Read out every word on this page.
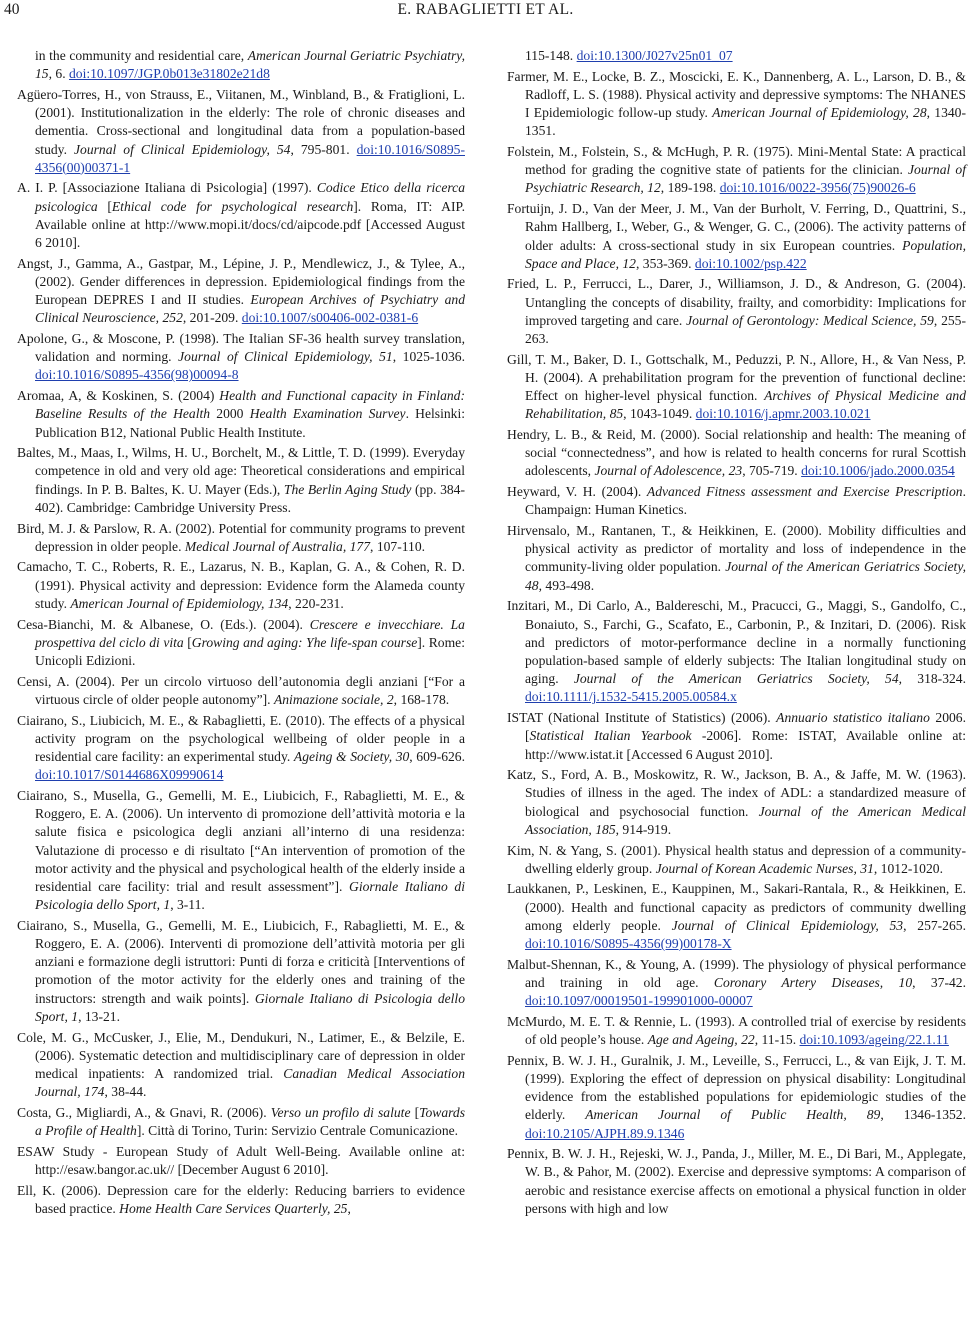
40	E. RABAGLIETTI ET AL.

in the community and residential care, American Journal Geriatric Psychiatry, 15, 6. doi:10.1097/JGP.0b013e31802e21d8

Agüero-Torres, H., von Strauss, E., Viitanen, M., Winbland, B., & Fratiglioni, L. (2001). Institutionalization in the elderly: The role of chronic diseases and dementia. Cross-sectional and longitudinal data from a population-based study. Journal of Clinical Epidemiology, 54, 795-801. doi:10.1016/S0895-4356(00)00371-1

A. I. P. [Associazione Italiana di Psicologia] (1997). Codice Etico della ricerca psicologica [Ethical code for psychological research]. Roma, IT: AIP. Available online at http://www.mopi.it/docs/cd/aipcode.pdf [Accessed August 6 2010].

Angst, J., Gamma, A., Gastpar, M., Lépine, J. P., Mendlewicz, J., & Tylee, A., (2002). Gender differences in depression. Epidemiological findings from the European DEPRES I and II studies. European Archives of Psychiatry and Clinical Neuroscience, 252, 201-209. doi:10.1007/s00406-002-0381-6

Apolone, G., & Moscone, P. (1998). The Italian SF-36 health survey translation, validation and norming. Journal of Clinical Epidemiology, 51, 1025-1036. doi:10.1016/S0895-4356(98)00094-8

Aromaa, A, & Koskinen, S. (2004) Health and Functional capacity in Finland: Baseline Results of the Health 2000 Health Examination Survey. Helsinki: Publication B12, National Public Health Institute.

Baltes, M., Maas, I., Wilms, H. U., Borchelt, M., & Little, T. D. (1999). Everyday competence in old and very old age: Theoretical considerations and empirical findings. In P. B. Baltes, K. U. Mayer (Eds.), The Berlin Aging Study (pp. 384-402). Cambridge: Cambridge University Press.

Bird, M. J. & Parslow, R. A. (2002). Potential for community programs to prevent depression in older people. Medical Journal of Australia, 177, 107-110.

Camacho, T. C., Roberts, R. E., Lazarus, N. B., Kaplan, G. A., & Cohen, R. D. (1991). Physical activity and depression: Evidence form the Alameda county study. American Journal of Epidemiology, 134, 220-231.

Cesa-Bianchi, M. & Albanese, O. (Eds.). (2004). Crescere e invecchiare. La prospettiva del ciclo di vita [Growing and aging: Yhe life-span course]. Rome: Unicopli Edizioni.

Censi, A. (2004). Per un circolo virtuoso dell’autonomia degli anziani [“For a virtuous circle of older people autonomy”]. Animazione sociale, 2, 168-178.

Ciairano, S., Liubicich, M. E., & Rabaglietti, E. (2010). The effects of a physical activity program on the psychological wellbeing of older people in a residential care facility: an experimental study. Ageing & Society, 30, 609-626. doi:10.1017/S0144686X09990614

Ciairano, S., Musella, G., Gemelli, M. E., Liubicich, F., Rabaglietti, M. E., & Roggero, E. A. (2006). Un intervento di promozione dell’attività motoria e la salute fisica e psicologica degli anziani all’interno di una residenza: Valutazione di processo e di risultato [“An intervention of promotion of the motor activity and the physical and psychological health of the elderly inside a residential care facility: trial and result assessment”]. Giornale Italiano di Psicologia dello Sport, 1, 3-11.

Ciairano, S., Musella, G., Gemelli, M. E., Liubicich, F., Rabaglietti, M. E., & Roggero, E. A. (2006). Interventi di promozione dell’attività motoria per gli anziani e formazione degli istruttori: Punti di forza e criticità [Interventions of promotion of the motor activity for the elderly ones and training of the instructors: strength and waik points]. Giornale Italiano di Psicologia dello Sport, 1, 13-21.

Cole, M. G., McCusker, J., Elie, M., Dendukuri, N., Latimer, E., & Belzile, E. (2006). Systematic detection and multidisciplinary care of depression in older medical inpatients: A randomized trial. Canadian Medical Association Journal, 174, 38-44.

Costa, G., Migliardi, A., & Gnavi, R. (2006). Verso un profilo di salute [Towards a Profile of Health]. Città di Torino, Turin: Servizio Centrale Comunicazione.

ESAW Study - European Study of Adult Well-Being. Available online at: http://esaw.bangor.ac.uk// [December August 6 2010].

Ell, K. (2006). Depression care for the elderly: Reducing barriers to evidence based practice. Home Health Care Services Quarterly, 25,

115-148. doi:10.1300/J027v25n01_07

Farmer, M. E., Locke, B. Z., Moscicki, E. K., Dannenberg, A. L., Larson, D. B., & Radloff, L. S. (1988). Physical activity and depressive symptoms: The NHANES I Epidemiologic follow-up study. American Journal of Epidemiology, 28, 1340-1351.

Folstein, M., Folstein, S., & McHugh, P. R. (1975). Mini-Mental State: A practical method for grading the cognitive state of patients for the clinician. Journal of Psychiatric Research, 12, 189-198. doi:10.1016/0022-3956(75)90026-6

Fortuijn, J. D., Van der Meer, J. M., Van der Burholt, V. Ferring, D., Quattrini, S., Rahm Hallberg, I., Weber, G., & Wenger, G. C., (2006). The activity patterns of older adults: A cross-sectional study in six European countries. Population, Space and Place, 12, 353-369. doi:10.1002/psp.422

Fried, L. P., Ferrucci, L., Darer, J., Williamson, J. D., & Andreson, G. (2004). Untangling the concepts of disability, frailty, and comorbidity: Implications for improved targeting and care. Journal of Gerontology: Medical Science, 59, 255-263.

Gill, T. M., Baker, D. I., Gottschalk, M., Peduzzi, P. N., Allore, H., & Van Ness, P. H. (2004). A prehabilitation program for the prevention of functional decline: Effect on higher-level physical function. Archives of Physical Medicine and Rehabilitation, 85, 1043-1049. doi:10.1016/j.apmr.2003.10.021

Hendry, L. B., & Reid, M. (2000). Social relationship and health: The meaning of social “connectedness”, and how is related to health concerns for rural Scottish adolescents, Journal of Adolescence, 23, 705-719. doi:10.1006/jado.2000.0354

Heyward, V. H. (2004). Advanced Fitness assessment and Exercise Prescription. Champaign: Human Kinetics.

Hirvensalo, M., Rantanen, T., & Heikkinen, E. (2000). Mobility difficulties and physical activity as predictor of mortality and loss of independence in the community-living older population. Journal of the American Geriatrics Society, 48, 493-498.

Inzitari, M., Di Carlo, A., Baldereschi, M., Pracucci, G., Maggi, S., Gandolfo, C., Bonaiuto, S., Farchi, G., Scafato, E., Carbonin, P., & Inzitari, D. (2006). Risk and predictors of motor-performance decline in a normally functioning population-based sample of elderly subjects: The Italian longitudinal study on aging. Journal of the American Geriatrics Society, 54, 318-324. doi:10.1111/j.1532-5415.2005.00584.x

ISTAT (National Institute of Statistics) (2006). Annuario statistico italiano 2006. [Statistical Italian Yearbook -2006]. Rome: ISTAT, Available online at: http://www.istat.it [Accessed 6 August 2010].

Katz, S., Ford, A. B., Moskowitz, R. W., Jackson, B. A., & Jaffe, M. W. (1963). Studies of illness in the aged. The index of ADL: a standardized measure of biological and psychosocial function. Journal of the American Medical Association, 185, 914-919.

Kim, N. & Yang, S. (2001). Physical health status and depression of a community-dwelling elderly group. Journal of Korean Academic Nurses, 31, 1012-1020.

Laukkanen, P., Leskinen, E., Kauppinen, M., Sakari-Rantala, R., & Heikkinen, E. (2000). Health and functional capacity as predictors of community dwelling among elderly people. Journal of Clinical Epidemiology, 53, 257-265. doi:10.1016/S0895-4356(99)00178-X

Malbut-Shennan, K., & Young, A. (1999). The physiology of physical performance and training in old age. Coronary Artery Diseases, 10, 37-42. doi:10.1097/00019501-199901000-00007

McMurdo, M. E. T. & Rennie, L. (1993). A controlled trial of exercise by residents of old people’s house. Age and Ageing, 22, 11-15. doi:10.1093/ageing/22.1.11

Pennix, B. W. J. H., Guralnik, J. M., Leveille, S., Ferrucci, L., & van Eijk, J. T. M. (1999). Exploring the effect of depression on physical disability: Longitudinal evidence from the established populations for epidemiologic studies of the elderly. American Journal of Public Health, 89, 1346-1352. doi:10.2105/AJPH.89.9.1346

Pennix, B. W. J. H., Rejeski, W. J., Panda, J., Miller, M. E., Di Bari, M., Applegate, W. B., & Pahor, M. (2002). Exercise and depressive symptoms: A comparison of aerobic and resistance exercise affects on emotional a physical function in older persons with high and low
